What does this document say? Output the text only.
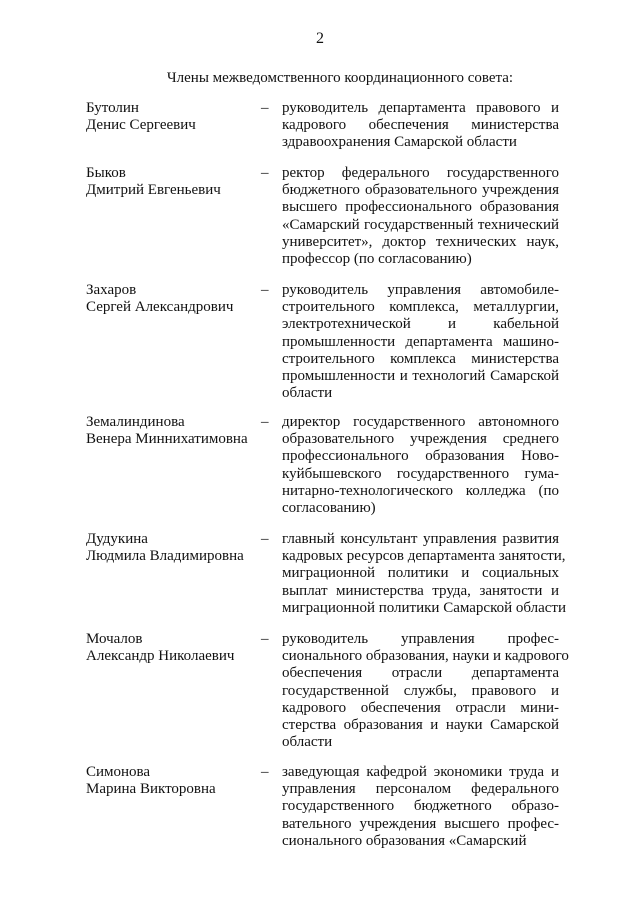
2
Члены межведомственного координационного совета:
Бутолин
Денис Сергеевич
– руководитель департамента правового и
кадрового обеспечения министерства
здравоохранения Самарской области
Быков
Дмитрий Евгеньевич
– ректор федерального государственного
бюджетного образовательного учреждения
высшего профессионального образования
«Самарский государственный технический
университет», доктор технических наук,
профессор (по согласованию)
Захаров
Сергей Александрович
– руководитель управления автомобиле-
строительного комплекса, металлургии,
электротехнической и кабельной
промышленности департамента машино-
строительного комплекса министерства
промышленности и технологий Самарской
области
Земалиндинова
Венера Миннихатимовна
– директор государственного автономного
образовательного учреждения среднего
профессионального образования Ново-
куйбышевского государственного гума-
нитарно-технологического колледжа (по
согласованию)
Дудукина
Людмила Владимировна
– главный консультант управления развития
кадровых ресурсов департамента занятости,
миграционной политики и социальных
выплат министерства труда, занятости и
миграционной политики Самарской области
Мочалов
Александр Николаевич
– руководитель управления профес-
сионального образования, науки и кадрового
обеспечения отрасли департамента
государственной службы, правового и
кадрового обеспечения отрасли мини-
стерства образования и науки Самарской
области
Симонова
Марина Викторовна
– заведующая кафедрой экономики труда и
управления персоналом федерального
государственного бюджетного образо-
вательного учреждения высшего профес-
сионального образования «Самарский
